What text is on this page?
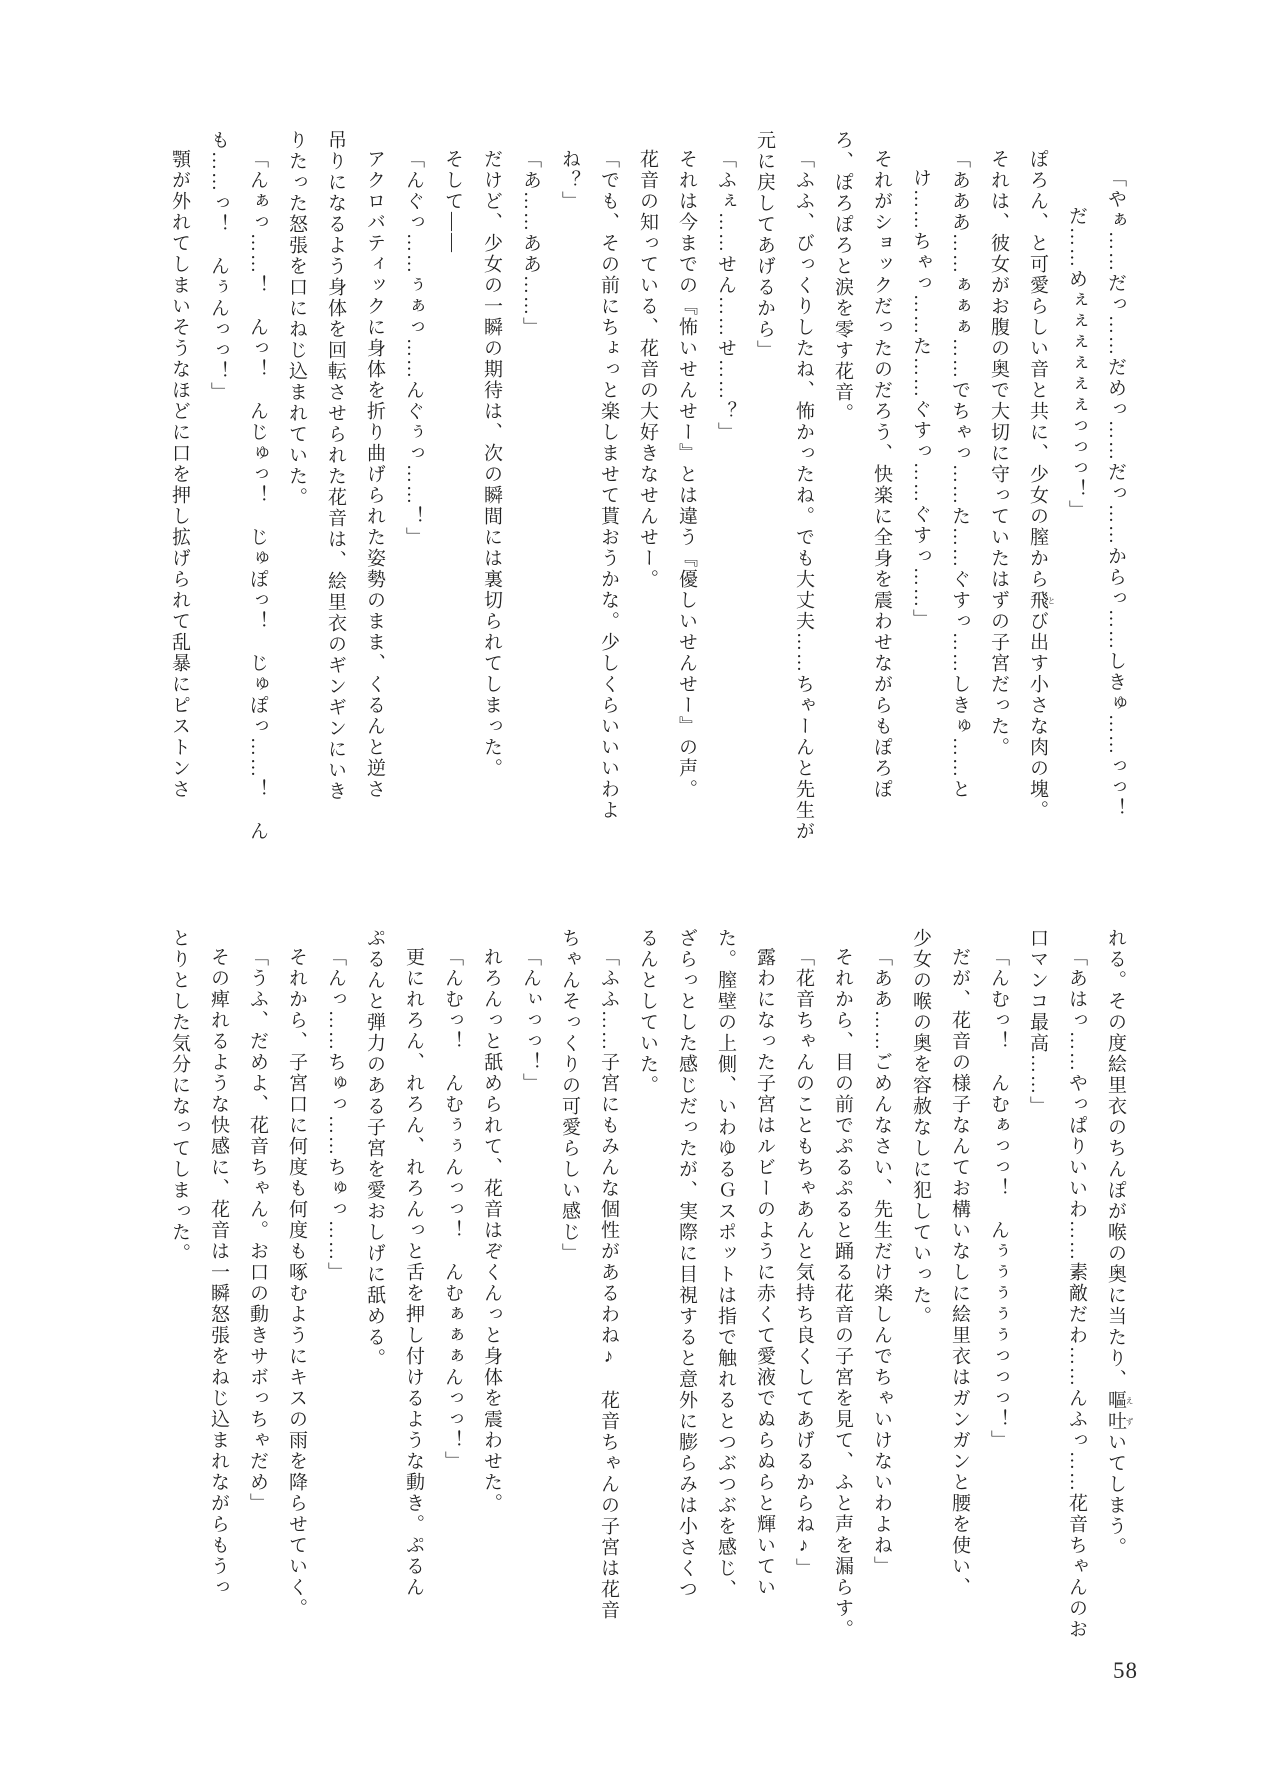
「やぁ……だっ……だめっ……だっ……からっ……しきゅ……っっ！
だ……めぇぇぇぇぇぇっっっ！」
ぽろん、と可愛らしい音と共に、少女の膣から飛 とび出す小さな肉の塊。
それは、彼女がお腹の奥で大切に守っていたはずの子宮だった。
「あああ……ぁぁぁ……でちゃっ……た……ぐすっ……しきゅ……と
け……ちゃっ……た……ぐすっ……ぐすっ……」
それがショックだったのだろう、快楽に全身を震わせながらもぽろぽ
ろ、ぽろぽろと涙を零す花音。
「ふふ、びっくりしたね、怖かったね。でも大丈夫……ちゃーんと先生が
元に戻してあげるから」
「ふぇ……せん……せ……？」
それは今までの『怖いせんせー』とは違う『優しいせんせー』の声。
花音の知っている、花音の大好きなせんせー。
「でも、その前にちょっと楽しませて貰おうかな。少しくらいいいわよ
ね？」
「あ……ああ……」
だけど、少女の一瞬の期待は、次の瞬間には裏切られてしまった。
そして――
「んぐっ……ぅぁっ……んぐぅっ……！」
アクロバティックに身体を折り曲げられた姿勢のまま、くるんと逆さ
吊りになるよう身体を回転させられた花音は、絵里衣のギンギンにいき
りたった怒張を口にねじ込まれていた。
「んぁっ……！　んっ！　んじゅっ！　じゅぽっ！　じゅぽっ……！　ん
も……っ！　んぅんっっ！」
顎が外れてしまいそうなほどに口を押し拡げられて乱暴にピストンさ
れる。その度絵里衣のちんぽが喉の奥に当たり、嘔吐 えずいてしまう。
「あはっ……やっぱりいいわ……素敵だわ……んふっ……花音ちゃんのお
口マンコ最高……」
「んむっ！　んむぁっっ！　んぅぅぅぅぅっっっ！」
だが、花音の様子なんてお構いなしに絵里衣はガンガンと腰を使い、
少女の喉の奥を容赦なしに犯していった。
「ああ……ごめんなさい、先生だけ楽しんでちゃいけないわよね」
それから、目の前でぷるぷると踊る花音の子宮を見て、ふと声を漏らす。
「花音ちゃんのこともちゃあんと気持ち良くしてあげるからね♪」
露わになった子宮はルビーのように赤くて愛液でぬらぬらと輝いてい
た。膣壁の上側、いわゆるＧスポットは指で触れるとつぶつぶを感じ、
ざらっとした感じだったが、実際に目視すると意外に膨らみは小さくつ
るんとしていた。
「ふふ……子宮にもみんな個性があるわね♪　花音ちゃんの子宮は花音
ちゃんそっくりの可愛らしい感じ」
「んぃっっ！」
れろんっと舐められて、花音はぞくんっと身体を震わせた。
「んむっ！　んむぅぅんっっ！　んむぁぁぁんっっ！」
更にれろん、れろん、れろんっと舌を押し付けるような動き。ぷるん
ぷるんと弾力のある子宮を愛おしげに舐める。
「んっ……ちゅっ……ちゅっ……」
それから、子宮口に何度も何度も啄むようにキスの雨を降らせていく。
「うふ、だめよ、花音ちゃん。お口の動きサボっちゃだめ」
その痺れるような快感に、花音は一瞬怒張をねじ込まれながらもうっ
とりとした気分になってしまった。
58
